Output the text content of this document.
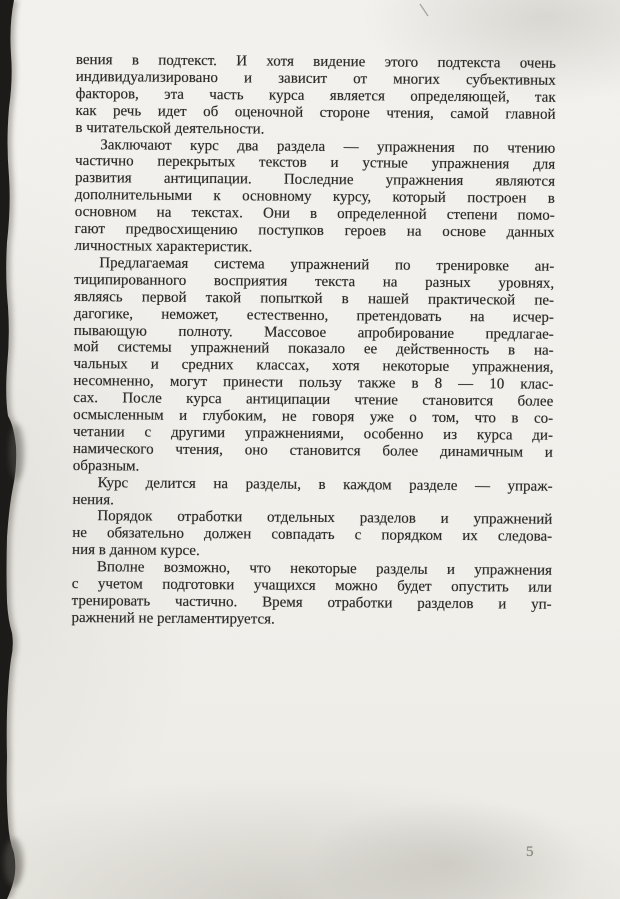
вения в подтекст. И хотя видение этого подтекста очень
индивидуализировано и зависит от многих субъективных
факторов, эта часть курса является определяющей, так
как речь идет об оценочной стороне чтения, самой главной
в читательской деятельности.
Заключают курс два раздела — упражнения по чтению
частично перекрытых текстов и устные упражнения для
развития антиципации. Последние упражнения являются
дополнительными к основному курсу, который построен в
основном на текстах. Они в определенной степени помо-
гают предвосхищению поступков героев на основе данных
личностных характеристик.
Предлагаемая система упражнений по тренировке ан-
тиципированного восприятия текста на разных уровнях,
являясь первой такой попыткой в нашей практической пе-
дагогике, неможет, естественно, претендовать на исчер-
пывающую полноту. Массовое апробирование предлагае-
мой системы упражнений показало ее действенность в на-
чальных и средних классах, хотя некоторые упражнения,
несомненно, могут принести пользу также в 8 — 10 клас-
сах. После курса антиципации чтение становится более
осмысленным и глубоким, не говоря уже о том, что в со-
четании с другими упражнениями, особенно из курса ди-
намического чтения, оно становится более динамичным и
образным.
Курс делится на разделы, в каждом разделе — упраж-
нения.
Порядок отработки отдельных разделов и упражнений
не обязательно должен совпадать с порядком их следова-
ния в данном курсе.
Вполне возможно, что некоторые разделы и упражнения
с учетом подготовки учащихся можно будет опустить или
тренировать частично. Время отработки разделов и уп-
ражнений не регламентируется.
5
